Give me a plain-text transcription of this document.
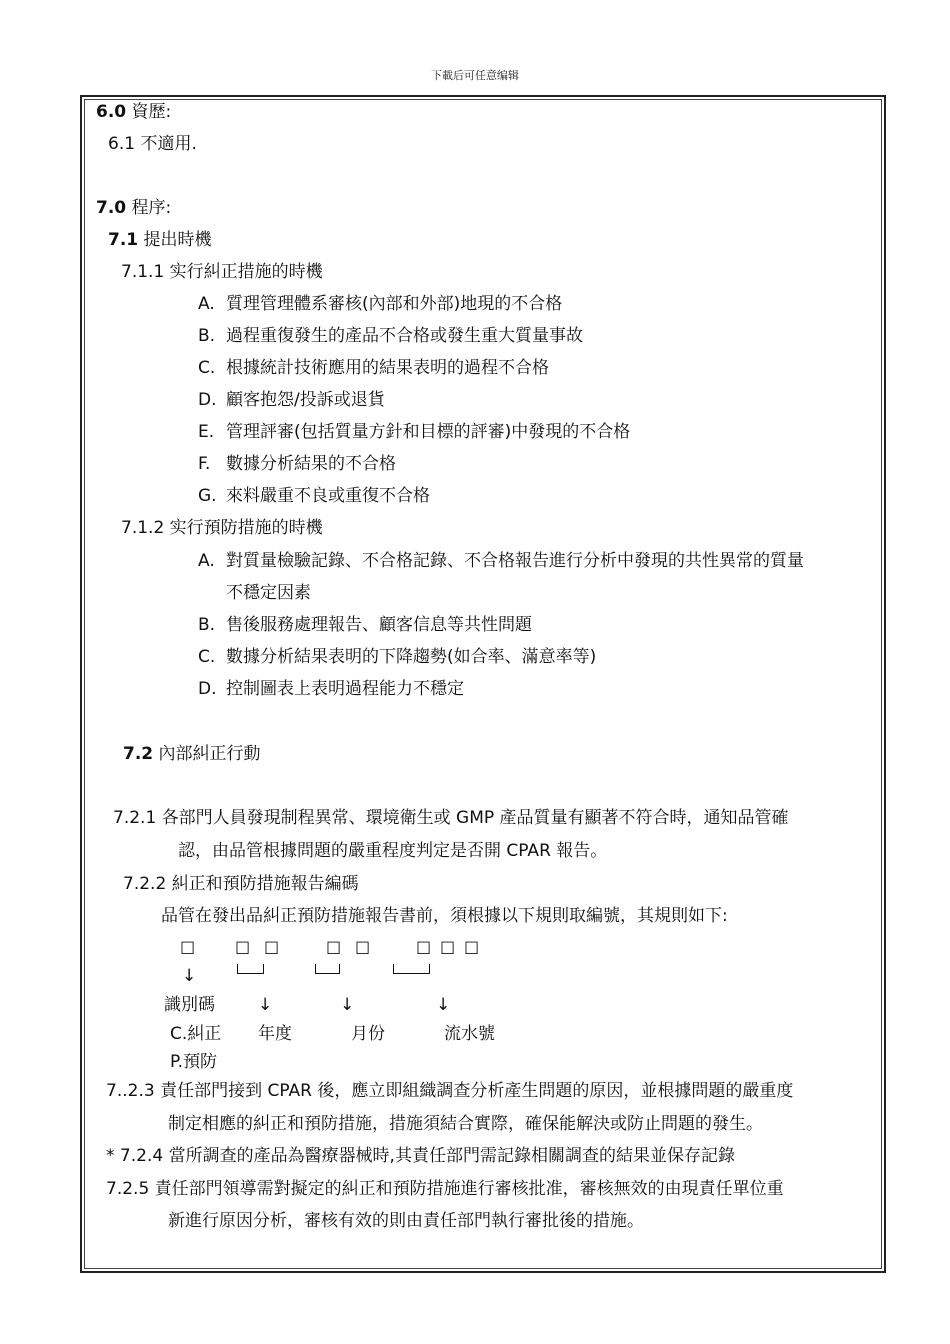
下載后可任意编辑
6.0 資歷:
6.1 不適用.
7.0 程序:
7.1 提出時機
7.1.1 实行糾正措施的時機
A. 質理管理體系審核(內部和外部)地現的不合格
B. 過程重復發生的產品不合格或發生重大質量事故
C. 根據統計技術應用的結果表明的過程不合格
D. 顧客抱怨/投訴或退貨
E. 管理評審(包括質量方針和目標的評審)中發現的不合格
F. 數據分析結果的不合格
G. 來料嚴重不良或重復不合格
7.1.2 实行預防措施的時機
A. 對質量檢驗記錄、不合格記錄、不合格報告進行分析中發現的共性異常的質量
不穩定因素
B. 售後服務處理報告、顧客信息等共性問題
C. 數據分析結果表明的下降趨勢(如合率、滿意率等)
D. 控制圖表上表明過程能力不穩定
7.2 內部糾正行動
7.2.1 各部門人員發現制程異常、環境衛生或 GMP 產品質量有顯著不符合時，通知品管確
認，由品管根據問題的嚴重程度判定是否開 CPAR 報告。
7.2.2 糾正和預防措施報告編碼
品管在發出品糾正預防措施報告書前，須根據以下規則取編號，其規則如下:
☐ ☐ ☐	☐ ☐	☐ ☐ ☐
↓
識別碼	↓	↓	↓
C.糾正 年度	月份	流水號
P.預防
7..2.3 責任部門接到 CPAR 後，應立即組織調查分析產生問題的原因，並根據問題的嚴重度
制定相應的糾正和預防措施，措施須結合實際，確保能解決或防止問題的發生。
* 7.2.4 當所調查的產品為醫療器械時,其責任部門需記錄相關調查的結果並保存記錄
7.2.5 責任部門領導需對擬定的糾正和預防措施進行審核批准，審核無效的由現責任單位重
新進行原因分析，審核有效的則由責任部門執行審批後的措施。
